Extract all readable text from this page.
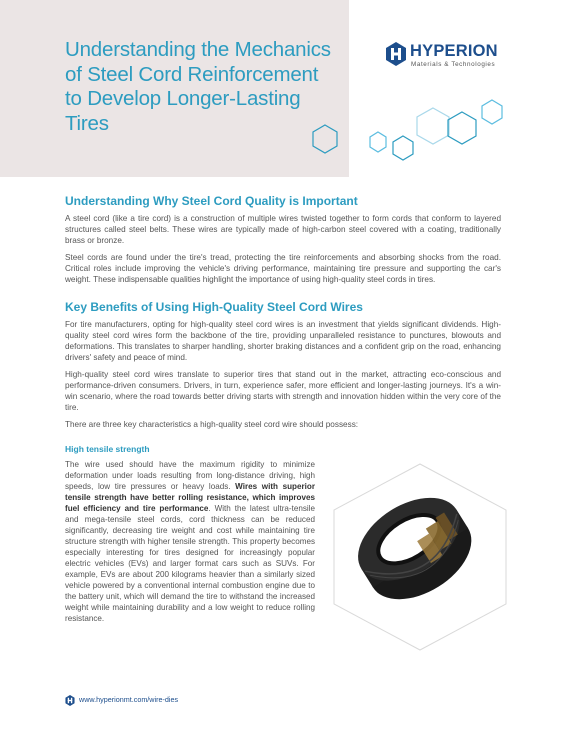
Understanding the Mechanics of Steel Cord Reinforcement to Develop Longer-Lasting Tires
HYPERION
Materials & Technologies
Understanding Why Steel Cord Quality is Important

A steel cord (like a tire cord) is a construction of multiple wires twisted together to form cords that conform to layered structures called steel belts. These wires are typically made of high-carbon steel covered with a coating, traditionally brass or bronze.

Steel cords are found under the tire's tread, protecting the tire reinforcements and absorbing shocks from the road. Critical roles include improving the vehicle's driving performance, maintaining tire pressure and supporting the car's weight. These indispensable qualities highlight the importance of using high-quality steel cords in tires.

Key Benefits of Using High-Quality Steel Cord Wires

For tire manufacturers, opting for high-quality steel cord wires is an investment that yields significant dividends. High-quality steel cord wires form the backbone of the tire, providing unparalleled resistance to punctures, blowouts and deformations. This translates to sharper handling, shorter braking distances and a confident grip on the road, enhancing drivers' safety and peace of mind.

High-quality steel cord wires translate to superior tires that stand out in the market, attracting eco-conscious and performance-driven consumers. Drivers, in turn, experience safer, more efficient and longer-lasting journeys. It's a win-win scenario, where the road towards better driving starts with strength and innovation hidden within the very core of the tire.

There are three key characteristics a high-quality steel cord wire should possess:

High tensile strength

The wire used should have the maximum rigidity to minimize deformation under loads resulting from long-distance driving, high speeds, low tire pressures or heavy loads. Wires with superior tensile strength have better rolling resistance, which improves fuel efficiency and tire performance. With the latest ultra-tensile and mega-tensile steel cords, cord thickness can be reduced significantly, decreasing tire weight and cost while maintaining tire structure strength with higher tensile strength. This property becomes especially interesting for tires designed for increasingly popular electric vehicles (EVs) and larger format cars such as SUVs. For example, EVs are about 200 kilograms heavier than a similarly sized vehicle powered by a conventional internal combustion engine due to the battery unit, which will demand the tire to withstand the increased weight while maintaining durability and a low weight to reduce rolling resistance.

www.hyperionmt.com/wire-dies
